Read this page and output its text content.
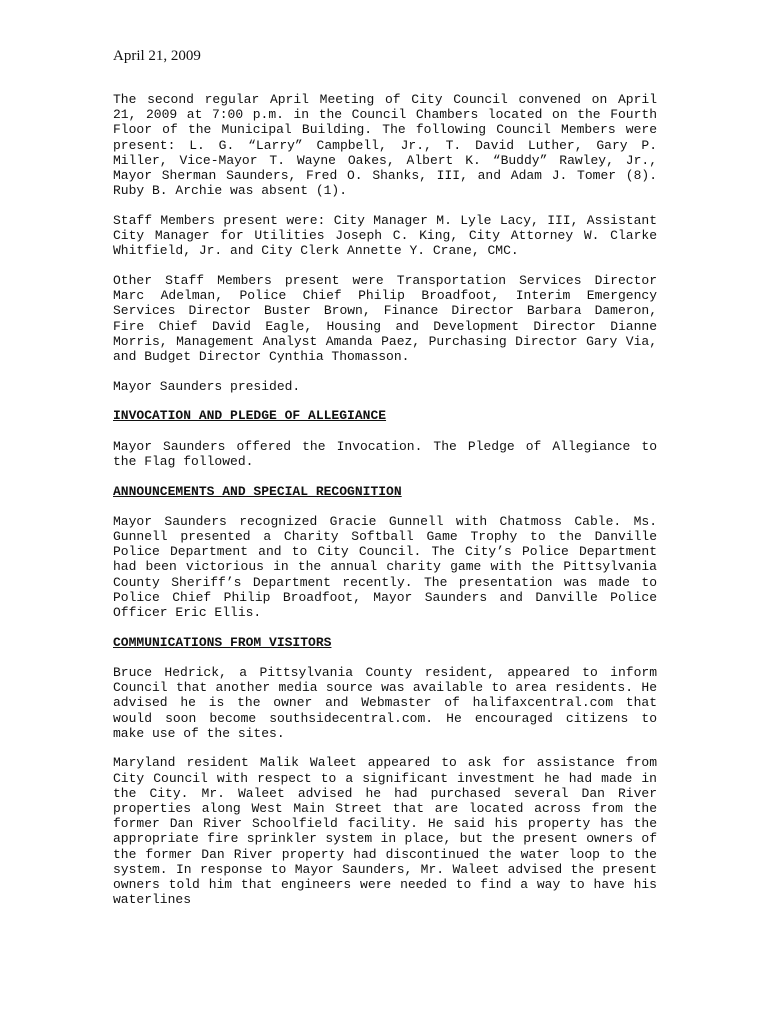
April 21, 2009

The second regular April Meeting of City Council convened on April 21, 2009 at 7:00 p.m. in the Council Chambers located on the Fourth Floor of the Municipal Building. The following Council Members were present: L. G. “Larry” Campbell, Jr., T. David Luther, Gary P. Miller, Vice-Mayor T. Wayne Oakes, Albert K. “Buddy” Rawley, Jr., Mayor Sherman Saunders, Fred O. Shanks, III, and Adam J. Tomer (8). Ruby B. Archie was absent (1).

Staff Members present were: City Manager M. Lyle Lacy, III, Assistant City Manager for Utilities Joseph C. King, City Attorney W. Clarke Whitfield, Jr. and City Clerk Annette Y. Crane, CMC.

Other Staff Members present were Transportation Services Director Marc Adelman, Police Chief Philip Broadfoot, Interim Emergency Services Director Buster Brown, Finance Director Barbara Dameron, Fire Chief David Eagle, Housing and Development Director Dianne Morris, Management Analyst Amanda Paez, Purchasing Director Gary Via, and Budget Director Cynthia Thomasson.

Mayor Saunders presided.

INVOCATION AND PLEDGE OF ALLEGIANCE

Mayor Saunders offered the Invocation. The Pledge of Allegiance to the Flag followed.

ANNOUNCEMENTS AND SPECIAL RECOGNITION

Mayor Saunders recognized Gracie Gunnell with Chatmoss Cable. Ms. Gunnell presented a Charity Softball Game Trophy to the Danville Police Department and to City Council. The City’s Police Department had been victorious in the annual charity game with the Pittsylvania County Sheriff’s Department recently. The presentation was made to Police Chief Philip Broadfoot, Mayor Saunders and Danville Police Officer Eric Ellis.

COMMUNICATIONS FROM VISITORS

Bruce Hedrick, a Pittsylvania County resident, appeared to inform Council that another media source was available to area residents. He advised he is the owner and Webmaster of halifaxcentral.com that would soon become southsidecentral.com. He encouraged citizens to make use of the sites.

Maryland resident Malik Waleet appeared to ask for assistance from City Council with respect to a significant investment he had made in the City. Mr. Waleet advised he had purchased several Dan River properties along West Main Street that are located across from the former Dan River Schoolfield facility. He said his property has the appropriate fire sprinkler system in place, but the present owners of the former Dan River property had discontinued the water loop to the system. In response to Mayor Saunders, Mr. Waleet advised the present owners told him that engineers were needed to find a way to have his waterlines
